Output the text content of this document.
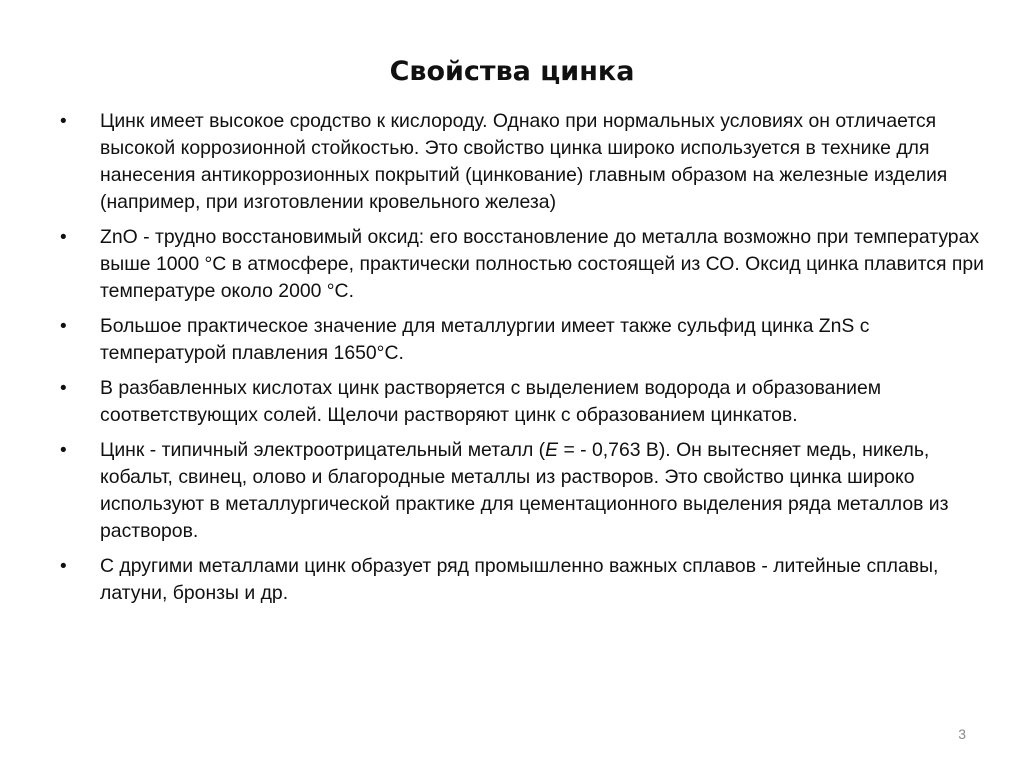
Свойства цинка
•	Цинк имеет высокое сродство к кислороду. Однако при нормальных условиях он отличается высокой коррозионной стойкостью. Это свойство цинка широко используется в технике для нанесения антикоррозионных покрытий (цинкование) главным образом на железные изделия (например, при изготовлении кровельного железа)
•	ZnO - трудно восстановимый оксид: его восстановление до металла возможно при температурах выше 1000 °С в атмосфере, практически полностью состоящей из СО. Оксид цинка плавится при температуре около 2000 °С.
•	Большое практическое значение для металлургии имеет также сульфид цинка ZnS с температурой плавления 1650°С.
•	В разбавленных кислотах цинк растворяется с выделением водорода и образованием соответствующих солей. Щелочи растворяют цинк с образованием цинкатов.
•	Цинк - типичный электроотрицательный металл (Е = - 0,763 В). Он вытесняет медь, никель, кобальт, свинец, олово и благородные металлы из растворов. Это свойство цинка широко используют в металлургической практике для цементационного выделения ряда металлов из растворов.
•	С другими металлами цинк образует ряд промышленно важных сплавов - литейные сплавы, латуни, бронзы и др.
3
